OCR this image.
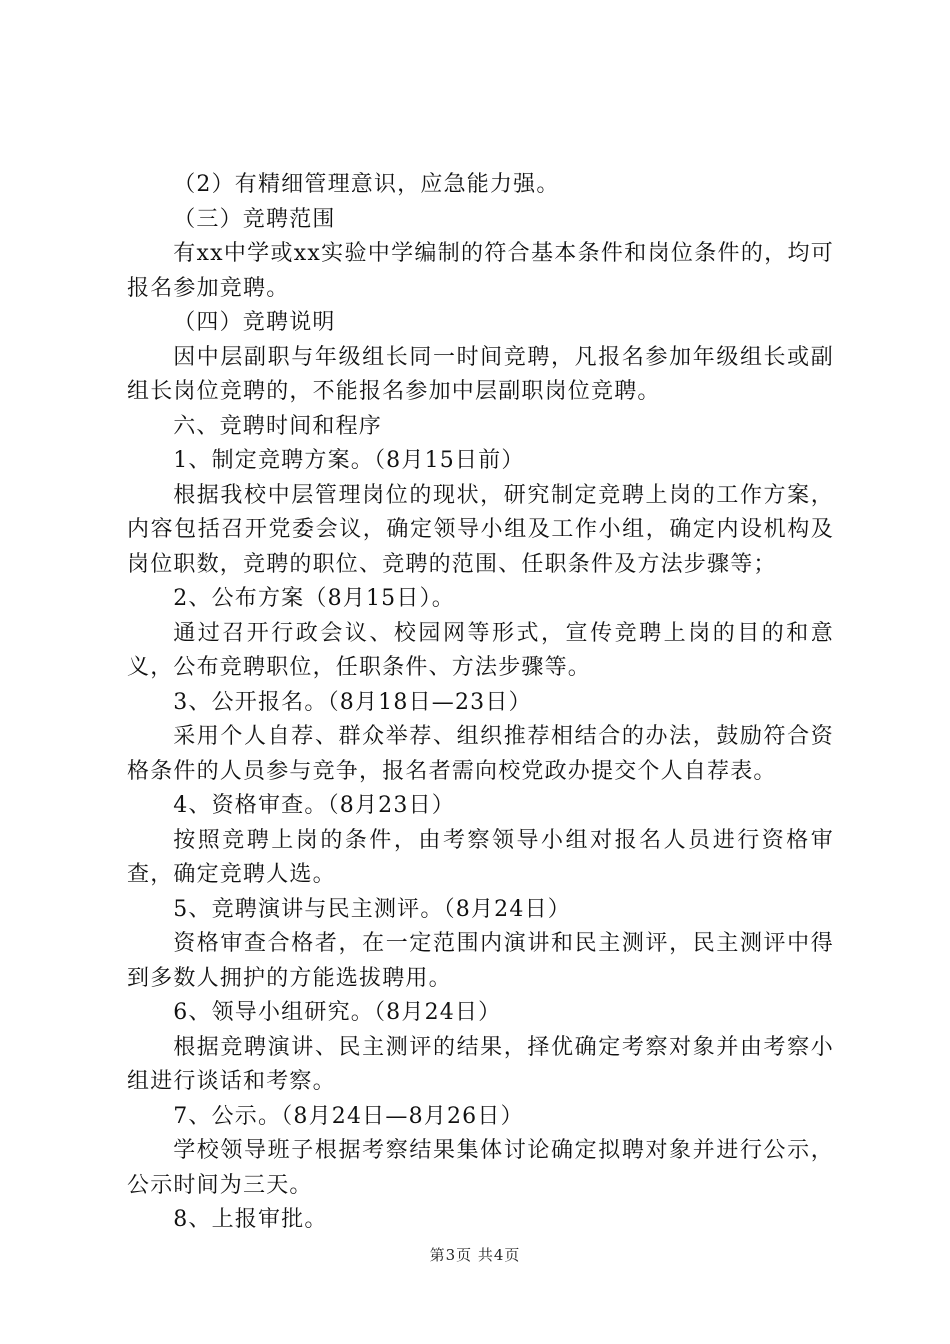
（2）有精细管理意识，应急能力强。

（三）竞聘范围

有xx中学或xx实验中学编制的符合基本条件和岗位条件的，均可报名参加竞聘。

（四）竞聘说明

因中层副职与年级组长同一时间竞聘，凡报名参加年级组长或副组长岗位竞聘的，不能报名参加中层副职岗位竞聘。

六、竞聘时间和程序

1、制定竞聘方案。（8月15日前）

根据我校中层管理岗位的现状，研究制定竞聘上岗的工作方案，内容包括召开党委会议，确定领导小组及工作小组，确定内设机构及岗位职数，竞聘的职位、竞聘的范围、任职条件及方法步骤等；

2、公布方案（8月15日）。

通过召开行政会议、校园网等形式，宣传竞聘上岗的目的和意义，公布竞聘职位，任职条件、方法步骤等。

3、公开报名。（8月18日—23日）

采用个人自荐、群众举荐、组织推荐相结合的办法，鼓励符合资格条件的人员参与竞争，报名者需向校党政办提交个人自荐表。

4、资格审查。（8月23日）

按照竞聘上岗的条件，由考察领导小组对报名人员进行资格审查，确定竞聘人选。

5、竞聘演讲与民主测评。（8月24日）

资格审查合格者，在一定范围内演讲和民主测评，民主测评中得到多数人拥护的方能选拔聘用。

6、领导小组研究。（8月24日）

根据竞聘演讲、民主测评的结果，择优确定考察对象并由考察小组进行谈话和考察。

7、公示。（8月24日—8月26日）

学校领导班子根据考察结果集体讨论确定拟聘对象并进行公示，公示时间为三天。

8、上报审批。

第3页 共4页
